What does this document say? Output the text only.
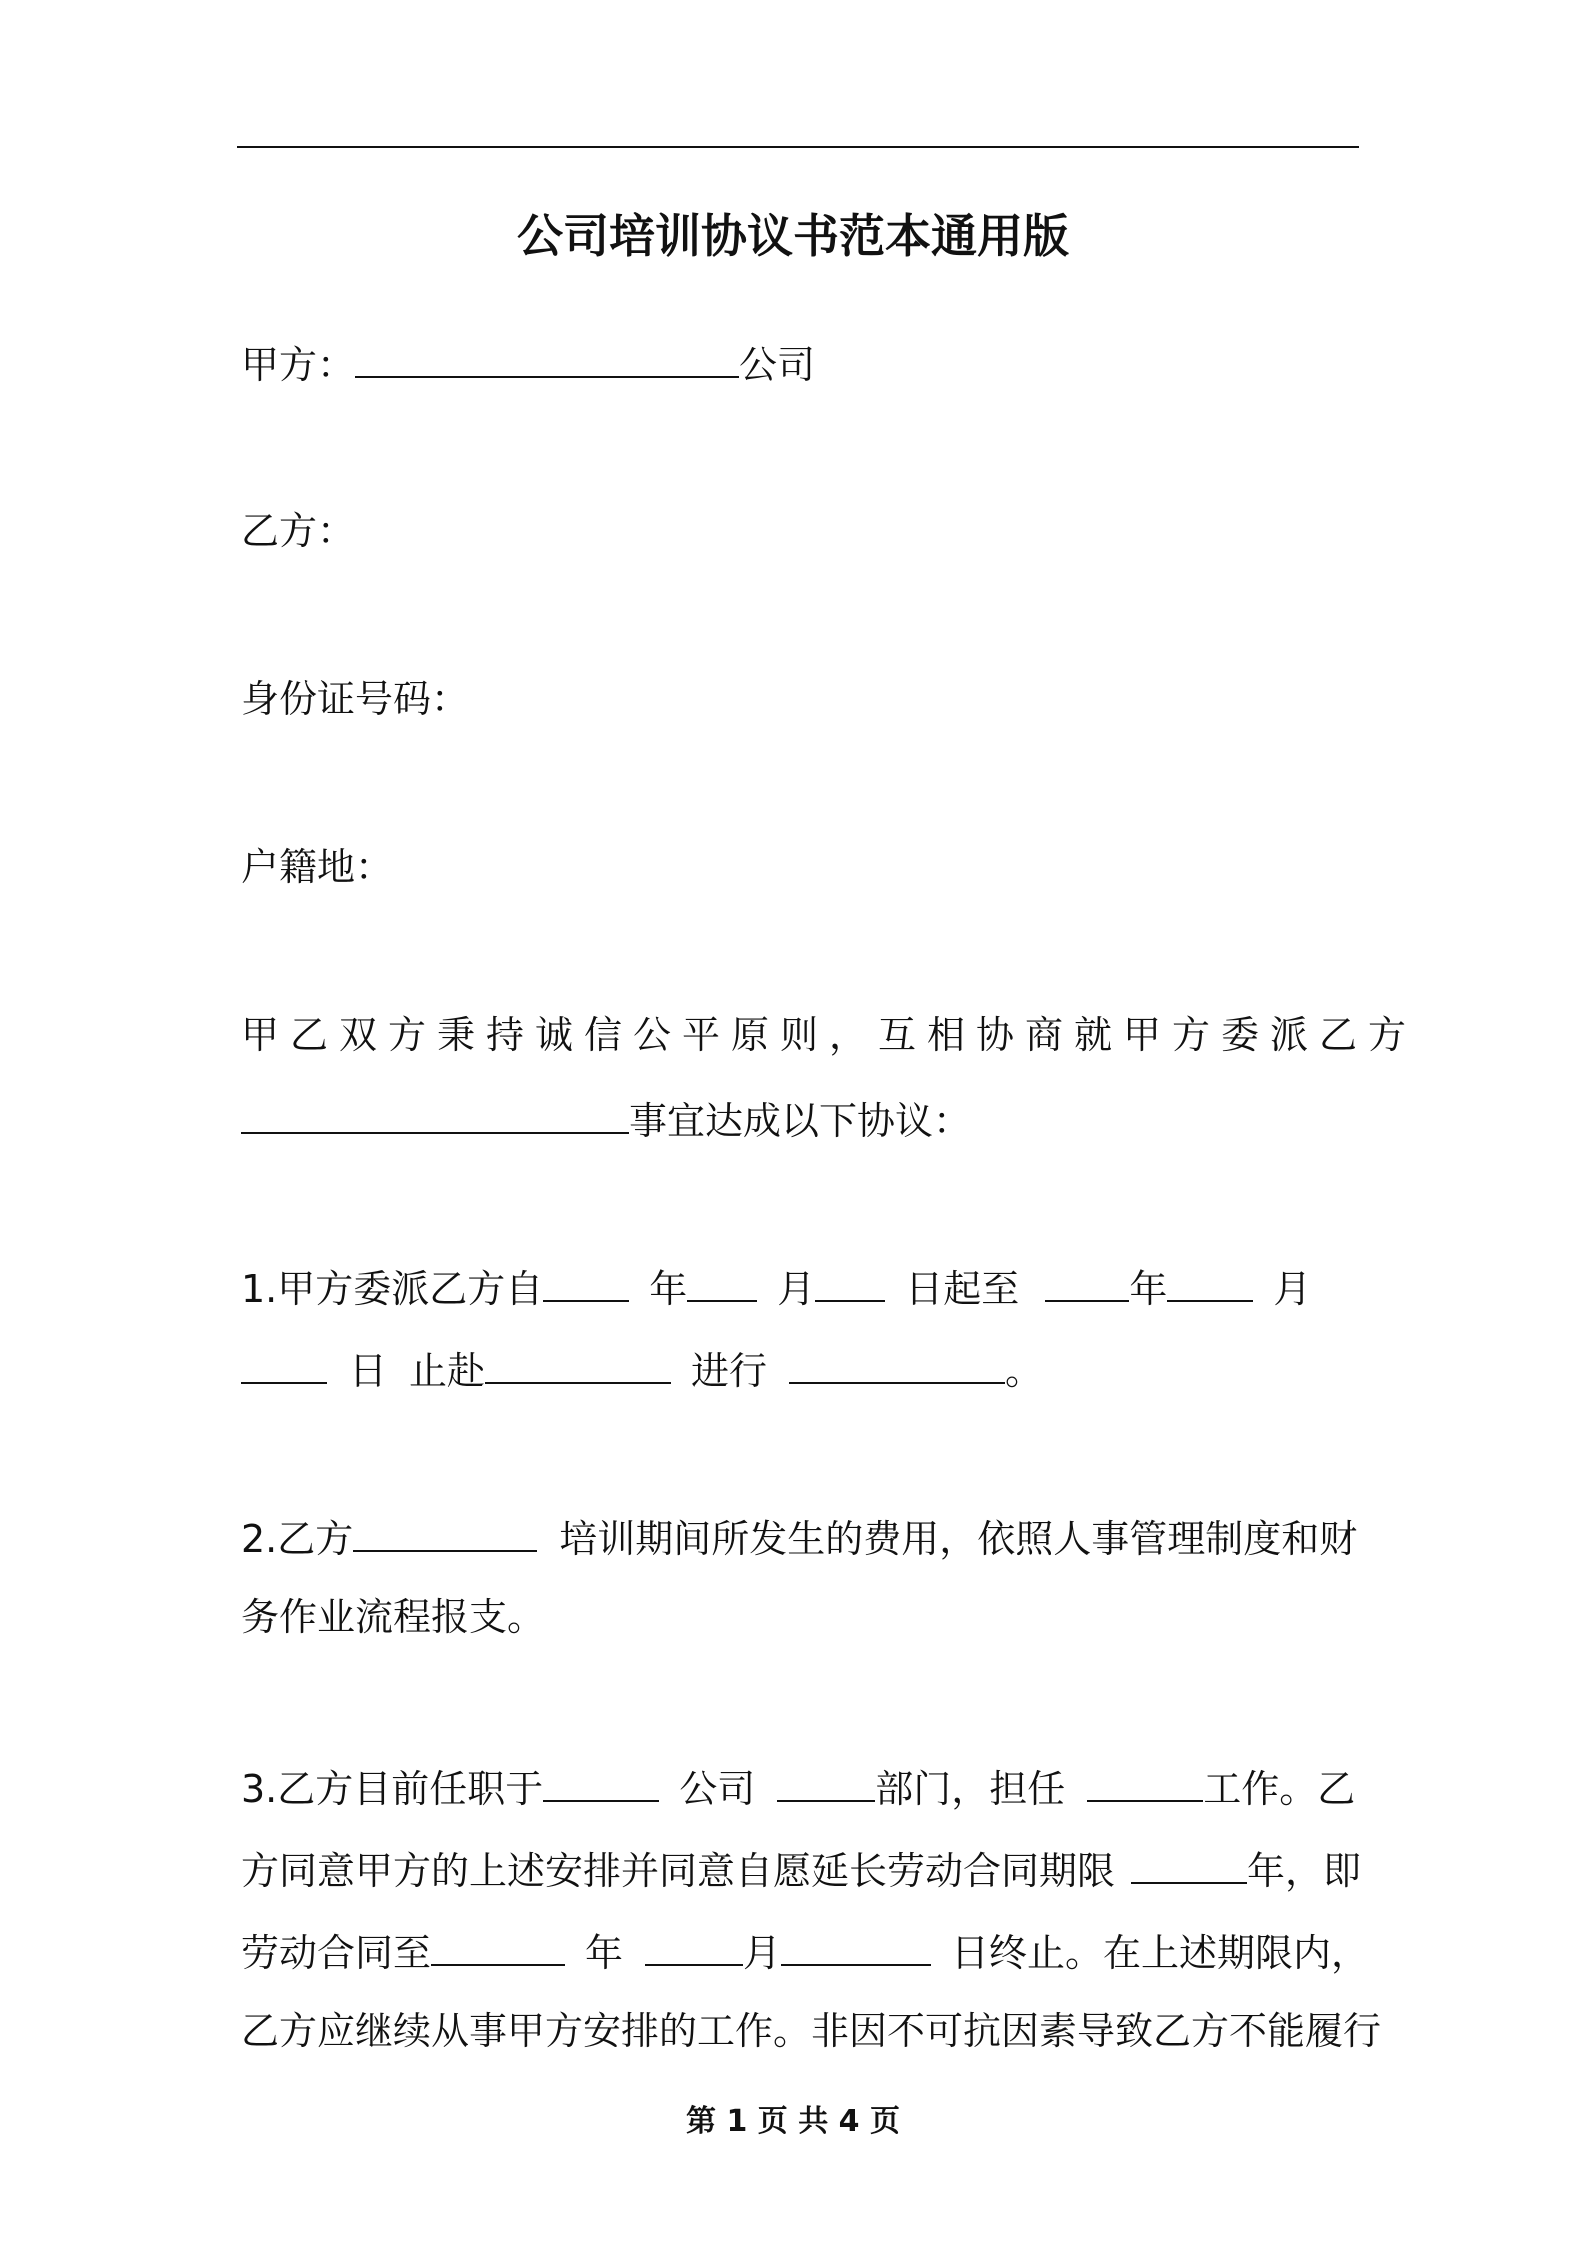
公司培训协议书范本通用版
甲方：	公司
乙方：
身份证号码：
户籍地：
甲乙双方秉持诚信公平原则，互相协商就甲方委派乙方
事宜达成以下协议：
1.甲方委派乙方自	年 月 日起至	年	月
日 止赴	进行	。
2.乙方	培训期间所发生的费用，依照人事管理制度和财
务作业流程报支。
3.乙方目前任职于	公司	部门，担任	工作。乙
方同意甲方的上述安排并同意自愿延长劳动合同期限	年，即
劳动合同至	年	月	日终止。在上述期限内，
乙方应继续从事甲方安排的工作。非因不可抗因素导致乙方不能履行
第 1 页 共 4 页
